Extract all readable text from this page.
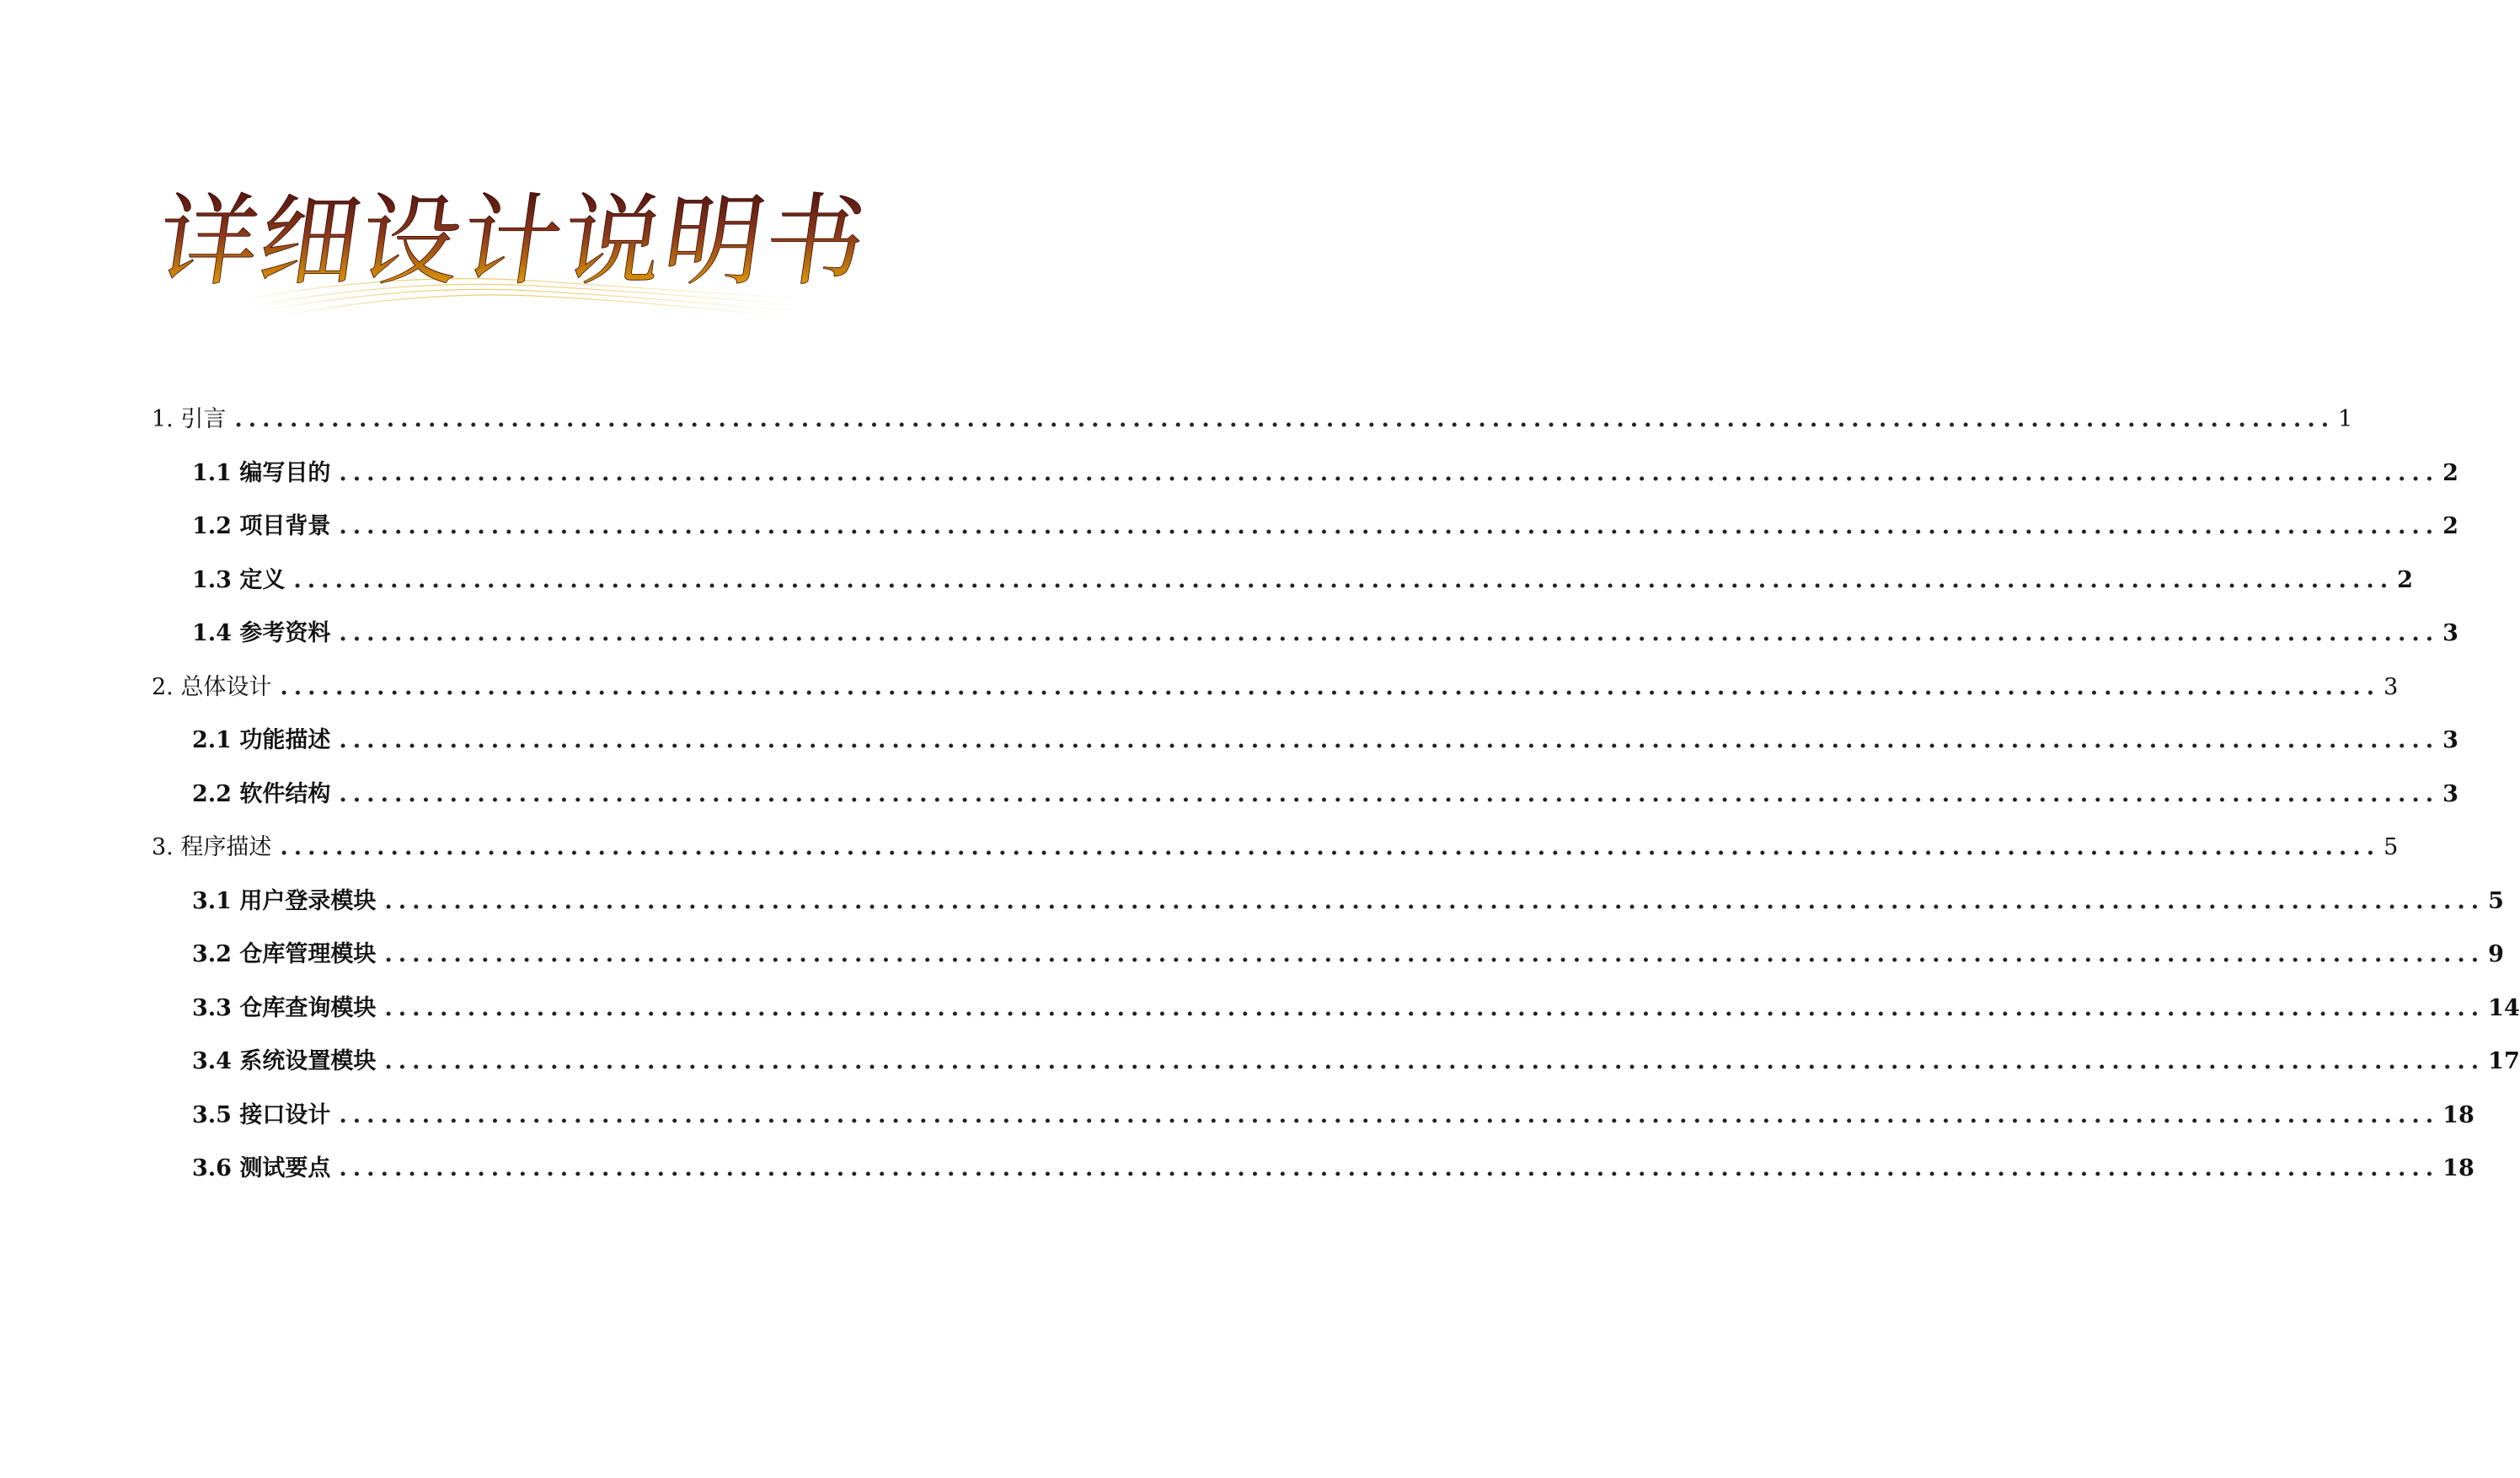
详细设计说明书
1. 引言 .....	1
1.1 编写目的 .....	2
1.2 项目背景 .....	2
1.3 定义 .....	2
1.4 参考资料 .....	3
2. 总体设计 .....	3
2.1 功能描述 .....	3
2.2 软件结构 .....	3
3. 程序描述 .....	5
3.1 用户登录模块 .....	5
3.2 仓库管理模块 .....	9
3.3 仓库查询模块 .....	14
3.4 系统设置模块 .....	17
3.5 接口设计 .....	18
3.6 测试要点 .....	18
